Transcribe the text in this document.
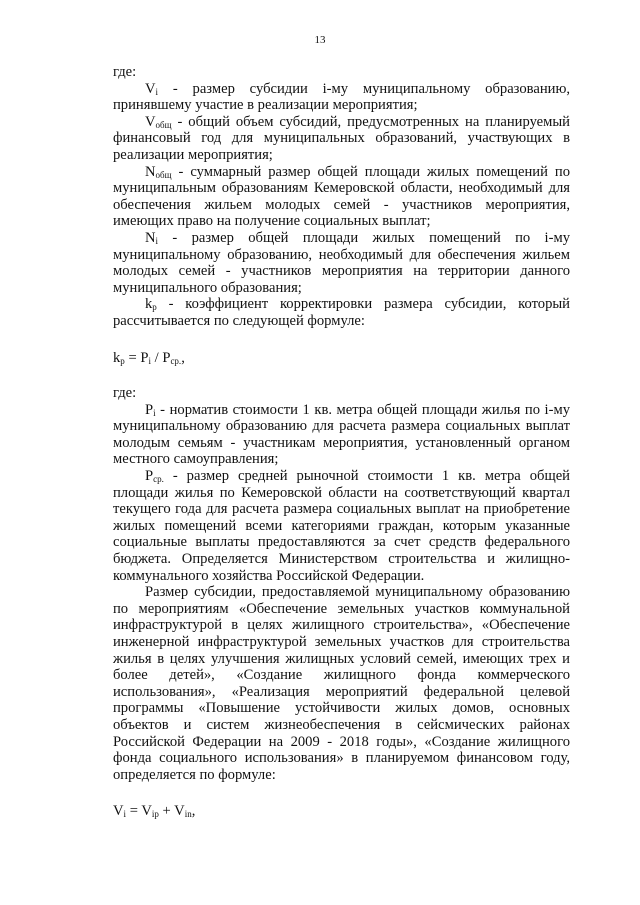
13

где:

$V_i$ - размер субсидии i-му муниципальному образованию, принявшему участие в реализации мероприятия;

$V_{общ}$ - общий объем субсидий, предусмотренных на планируемый финансовый год для муниципальных образований, участвующих в реализации мероприятия;

$N_{общ}$ - суммарный размер общей площади жилых помещений по муниципальным образованиям Кемеровской области, необходимый для обеспечения жильем молодых семей - участников мероприятия, имеющих право на получение социальных выплат;

$N_i$ - размер общей площади жилых помещений по i-му муниципальному образованию, необходимый для обеспечения жильем молодых семей - участников мероприятия на территории данного муниципального образования;

$k_р$ - коэффициент корректировки размера субсидии, который рассчитывается по следующей формуле:

$k_р = P_i / P_{ср.}$,

где:

$P_i$ - норматив стоимости 1 кв. метра общей площади жилья по i-му муниципальному образованию для расчета размера социальных выплат молодым семьям - участникам мероприятия, установленный органом местного самоуправления;

$P_{ср.}$ - размер средней рыночной стоимости 1 кв. метра общей площади жилья по Кемеровской области на соответствующий квартал текущего года для расчета размера социальных выплат на приобретение жилых помещений всеми категориями граждан, которым указанные социальные выплаты предоставляются за счет средств федерального бюджета. Определяется Министерством строительства и жилищно-коммунального хозяйства Российской Федерации.

Размер субсидии, предоставляемой муниципальному образованию по мероприятиям «Обеспечение земельных участков коммунальной инфраструктурой в целях жилищного строительства», «Обеспечение инженерной инфраструктурой земельных участков для строительства жилья в целях улучшения жилищных условий семей, имеющих трех и более детей», «Создание жилищного фонда коммерческого использования», «Реализация мероприятий федеральной целевой программы «Повышение устойчивости жилых домов, основных объектов и систем жизнеобеспечения в сейсмических районах Российской Федерации на 2009 - 2018 годы», «Создание жилищного фонда социального использования» в планируемом финансовом году, определяется по формуле:

$V_i = V_{ip} + V_{in}$,
